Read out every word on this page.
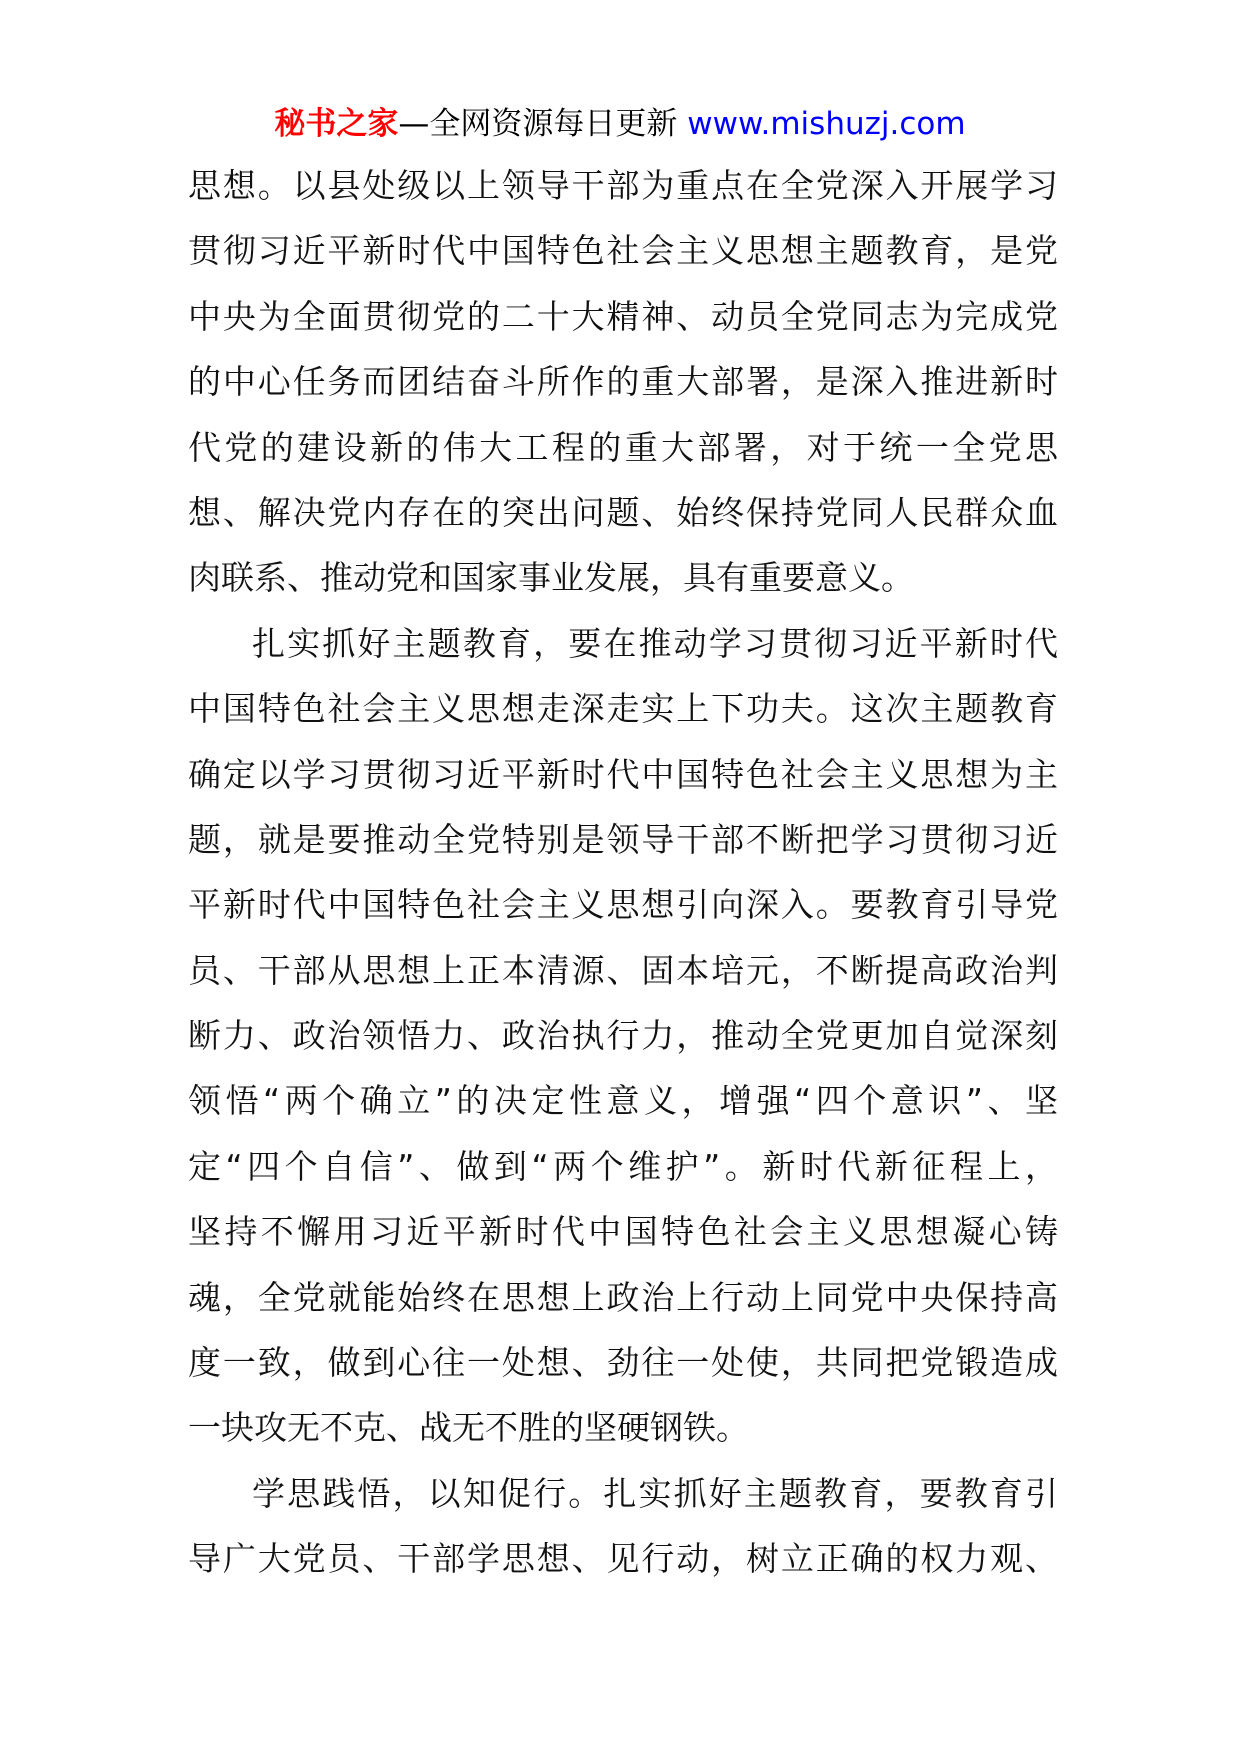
秘书之家—全网资源每日更新 www.mishuzj.com
思想。以县处级以上领导干部为重点在全党深入开展学习
贯彻习近平新时代中国特色社会主义思想主题教育，是党
中央为全面贯彻党的二十大精神、动员全党同志为完成党
的中心任务而团结奋斗所作的重大部署，是深入推进新时
代党的建设新的伟大工程的重大部署，对于统一全党思
想、解决党内存在的突出问题、始终保持党同人民群众血
肉联系、推动党和国家事业发展，具有重要意义。
扎实抓好主题教育，要在推动学习贯彻习近平新时代
中国特色社会主义思想走深走实上下功夫。这次主题教育
确定以学习贯彻习近平新时代中国特色社会主义思想为主
题，就是要推动全党特别是领导干部不断把学习贯彻习近
平新时代中国特色社会主义思想引向深入。要教育引导党
员、干部从思想上正本清源、固本培元，不断提高政治判
断力、政治领悟力、政治执行力，推动全党更加自觉深刻
领悟“两个确立”的决定性意义，增强“四个意识”、坚
定“四个自信”、做到“两个维护”。新时代新征程上，
坚持不懈用习近平新时代中国特色社会主义思想凝心铸
魂，全党就能始终在思想上政治上行动上同党中央保持高
度一致，做到心往一处想、劲往一处使，共同把党锻造成
一块攻无不克、战无不胜的坚硬钢铁。
学思践悟，以知促行。扎实抓好主题教育，要教育引
导广大党员、干部学思想、见行动，树立正确的权力观、
